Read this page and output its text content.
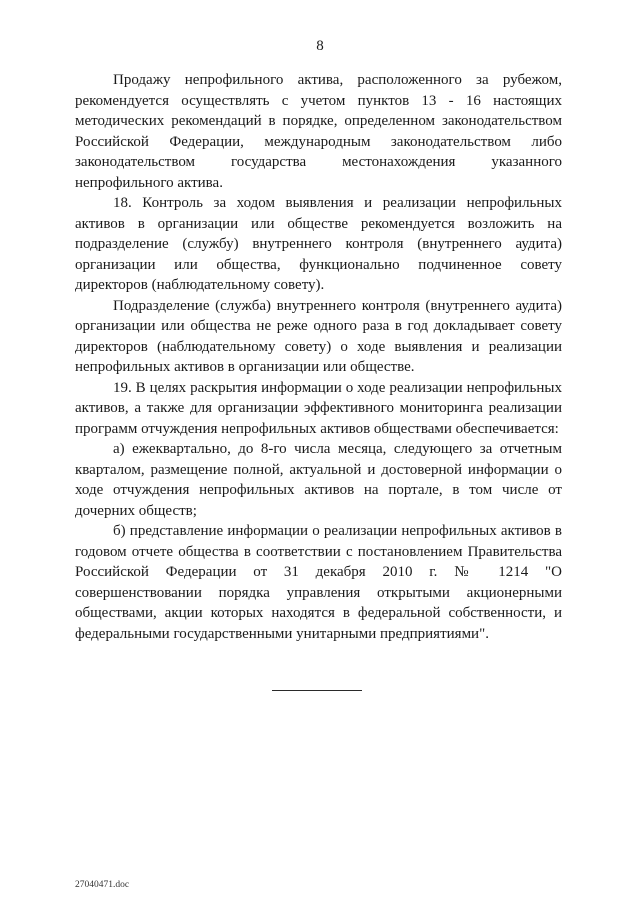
8

Продажу непрофильного актива, расположенного за рубежом, рекомендуется осуществлять с учетом пунктов 13 - 16 настоящих методических рекомендаций в порядке, определенном законодательством Российской Федерации, международным законодательством либо законодательством государства местонахождения указанного непрофильного актива.

18. Контроль за ходом выявления и реализации непрофильных активов в организации или обществе рекомендуется возложить на подразделение (службу) внутреннего контроля (внутреннего аудита) организации или общества, функционально подчиненное совету директоров (наблюдательному совету).

Подразделение (служба) внутреннего контроля (внутреннего аудита) организации или общества не реже одного раза в год докладывает совету директоров (наблюдательному совету) о ходе выявления и реализации непрофильных активов в организации или обществе.

19. В целях раскрытия информации о ходе реализации непрофильных активов, а также для организации эффективного мониторинга реализации программ отчуждения непрофильных активов обществами обеспечивается:

а) ежеквартально, до 8-го числа месяца, следующего за отчетным кварталом, размещение полной, актуальной и достоверной информации о ходе отчуждения непрофильных активов на портале, в том числе от дочерних обществ;

б) представление информации о реализации непрофильных активов в годовом отчете общества в соответствии с постановлением Правительства Российской Федерации от 31 декабря 2010 г. № 1214 "О совершенствовании порядка управления открытыми акционерными обществами, акции которых находятся в федеральной собственности, и федеральными государственными унитарными предприятиями".

27040471.doc
